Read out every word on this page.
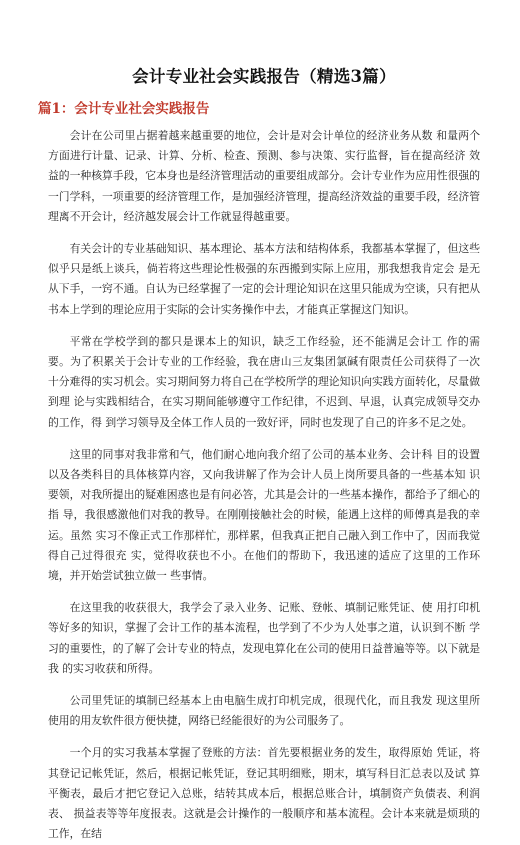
会计专业社会实践报告（精选3篇）
篇1：会计专业社会实践报告

会计在公司里占据着越来越重要的地位，会计是对会计单位的经济业务从数 和量两个方面进行计量、记录、计算、分析、检查、预测、参与决策、实行监督，旨在提高经济 效益的一种核算手段，它本身也是经济管理活动的重要组成部分。会计专业作为应用性很强的一门学科，一项重要的经济管理工作，是加强经济管理，提高经济效益的重要手段，经济管理离不开会计，经济越发展会计工作就显得越重要。

有关会计的专业基础知识、基本理论、基本方法和结构体系，我都基本掌握了，但这些似乎只是纸上谈兵，倘若将这些理论性极强的东西搬到实际上应用，那我想我肯定会 是无从下手，一窍不通。自认为已经掌握了一定的会计理论知识在这里只能成为空谈，只有把从 书本上学到的理论应用于实际的会计实务操作中去，才能真正掌握这门知识。

平常在学校学到的都只是课本上的知识，缺乏工作经验，还不能满足会计工 作的需要。为了积累关于会计专业的工作经验，我在唐山三友集团氯碱有限责任公司获得了一次 十分难得的实习机会。实习期间努力将自己在学校所学的理论知识向实践方面转化，尽量做到理 论与实践相结合，在实习期间能够遵守工作纪律，不迟到、早退，认真完成领导交办的工作，得 到学习领导及全体工作人员的一致好评，同时也发现了自己的许多不足之处。

这里的同事对我非常和气，他们耐心地向我介绍了公司的基本业务、会计科 目的设置以及各类科目的具体核算内容，又向我讲解了作为会计人员上岗所要具备的一些基本知 识要领，对我所提出的疑难困惑也是有问必答，尤其是会计的一些基本操作，都给予了细心的指 导，我很感激他们对我的教导。在刚刚接触社会的时候，能遇上这样的师傅真是我的幸运。虽然 实习不像正式工作那样忙，那样累，但我真正把自己融入到工作中了，因而我觉得自己过得很充 实，觉得收获也不小。在他们的帮助下，我迅速的适应了这里的工作环境，并开始尝试独立做一 些事情。

在这里我的收获很大，我学会了录入业务、记账、登帐、填制记账凭证、使 用打印机等好多的知识，掌握了会计工作的基本流程，也学到了不少为人处事之道，认识到不断 学习的重要性，的了解了会计专业的特点，发现电算化在公司的使用日益普遍等等。以下就是我 的实习收获和所得。

公司里凭证的填制已经基本上由电脑生成打印机完成，很现代化，而且我发 现这里所使用的用友软件很方便快捷，网络已经能很好的为公司服务了。

一个月的实习我基本掌握了登账的方法：首先要根据业务的发生，取得原始 凭证，将其登记记帐凭证，然后，根据记帐凭证，登记其明细账，期末，填写科目汇总表以及试 算平衡表，最后才把它登记入总账，结转其成本后，根据总账合计，填制资产负债表、利润表、 损益表等等年度报表。这就是会计操作的一般顺序和基本流程。会计本来就是烦琐的工作，在结
